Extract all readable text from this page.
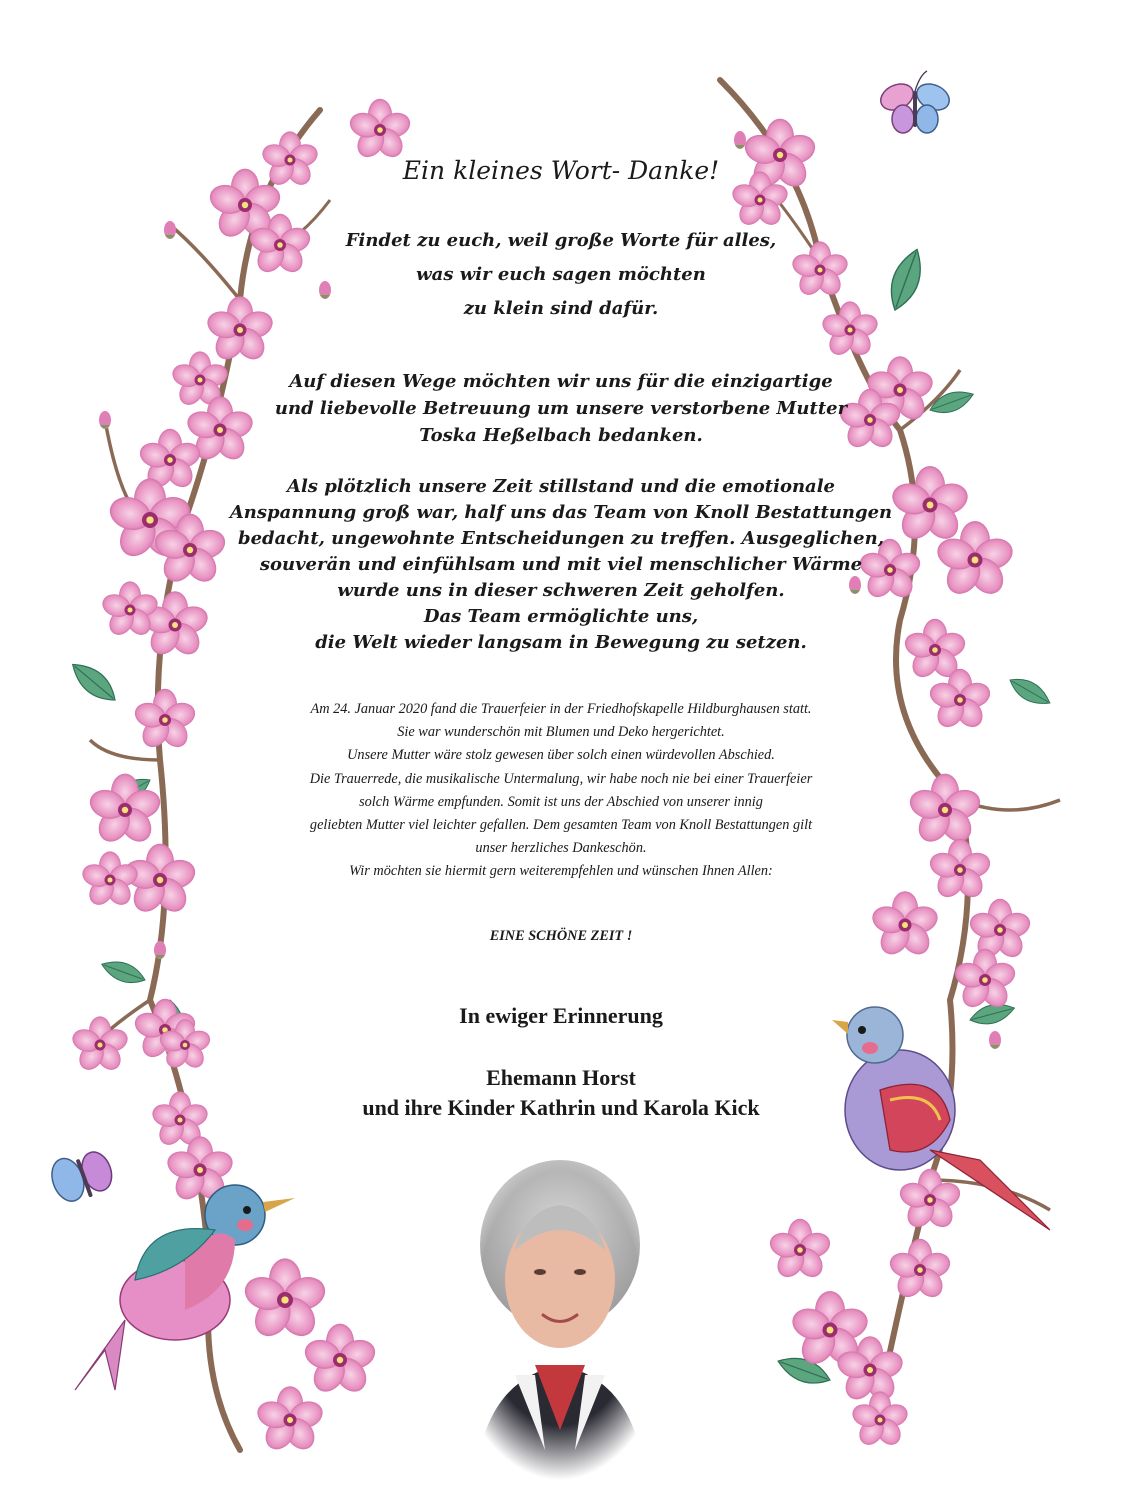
Ein kleines Wort- Danke!
Findet zu euch, weil große Worte für alles,
was wir euch sagen möchten
zu klein sind dafür.
Auf diesen Wege möchten wir uns für die einzigartige
und liebevolle Betreuung um unsere verstorbene Mutter
Toska Heßelbach bedanken.
Als plötzlich unsere Zeit stillstand und die emotionale
Anspannung groß war, half uns das Team von Knoll Bestattungen
bedacht, ungewohnte Entscheidungen zu treffen. Ausgeglichen,
souverän und einfühlsam und mit viel menschlicher Wärme
wurde uns in dieser schweren Zeit geholfen.
Das Team ermöglichte uns,
die Welt wieder langsam in Bewegung zu setzen.
Am 24. Januar 2020 fand die Trauerfeier in der Friedhofskapelle Hildburghausen statt.
Sie war wunderschön mit Blumen und Deko hergerichtet.
Unsere Mutter wäre stolz gewesen über solch einen würdevollen Abschied.
Die Trauerrede, die musikalische Untermalung, wir habe noch nie bei einer Trauerfeier
solch Wärme empfunden. Somit ist uns der Abschied von unserer innig
geliebten Mutter viel leichter gefallen. Dem gesamten Team von Knoll Bestattungen gilt
unser herzliches Dankeschön.
Wir möchten sie hiermit gern weiterempfehlen und wünschen Ihnen Allen:
EINE SCHÖNE ZEIT !
In ewiger Erinnerung
Ehemann Horst
und ihre Kinder Kathrin und Karola Kick
